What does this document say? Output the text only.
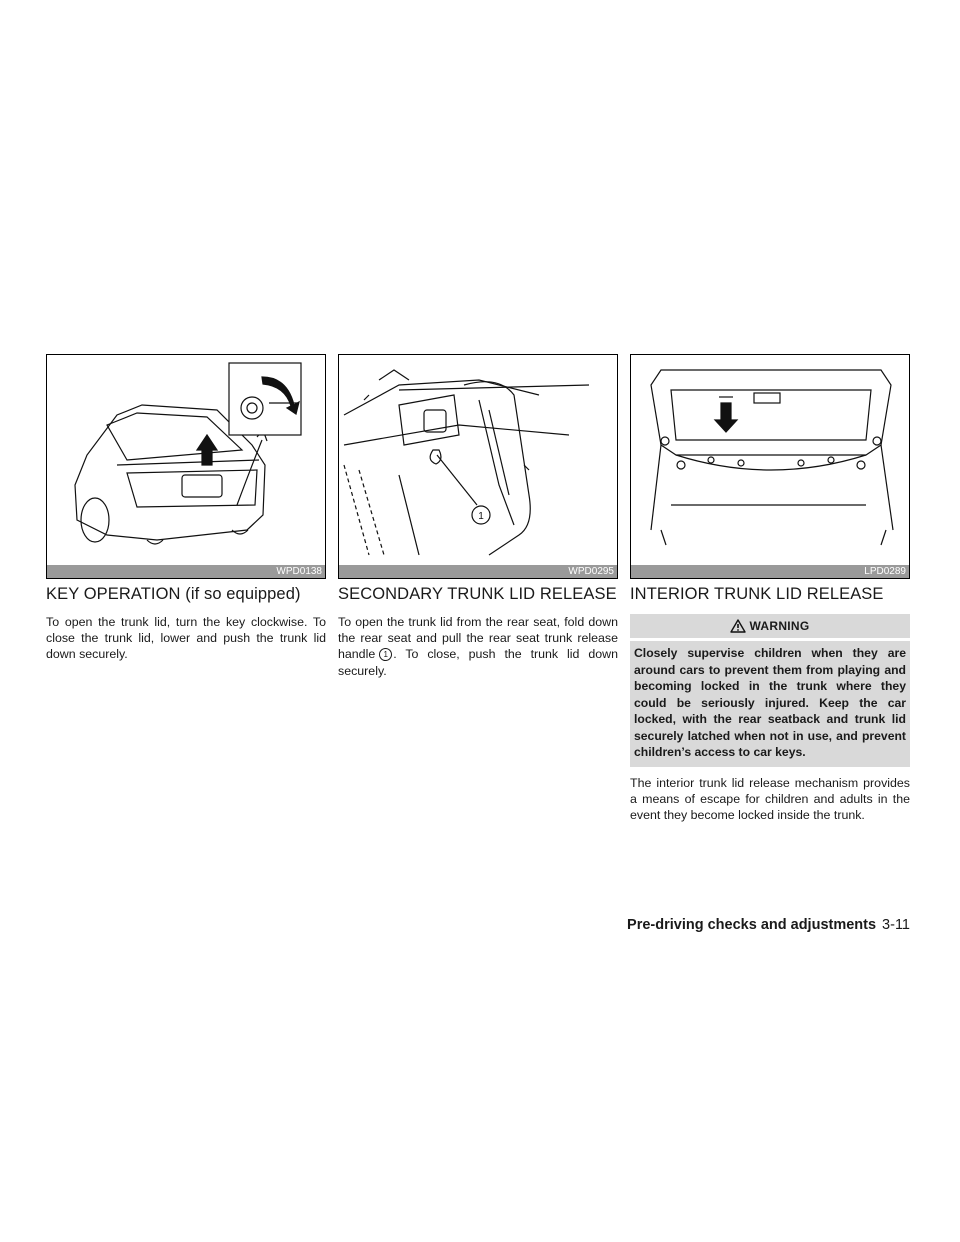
WPD0138
KEY OPERATION (if so equipped)

To open the trunk lid, turn the key clockwise. To close the trunk lid, lower and push the trunk lid down securely.

1
WPD0295
SECONDARY TRUNK LID RELEASE

To open the trunk lid from the rear seat, fold down the rear seat and pull the rear seat trunk release handle 1 . To close, push the trunk lid down securely.

LPD0289
INTERIOR TRUNK LID RELEASE
WARNING
Closely supervise children when they are around cars to prevent them from playing and becoming locked in the trunk where they could be seriously injured. Keep the car locked, with the rear seatback and trunk lid securely latched when not in use, and prevent children’s access to car keys.

The interior trunk lid release mechanism provides a means of escape for children and adults in the event they become locked inside the trunk.

Pre-driving checks and adjustments 3-11
